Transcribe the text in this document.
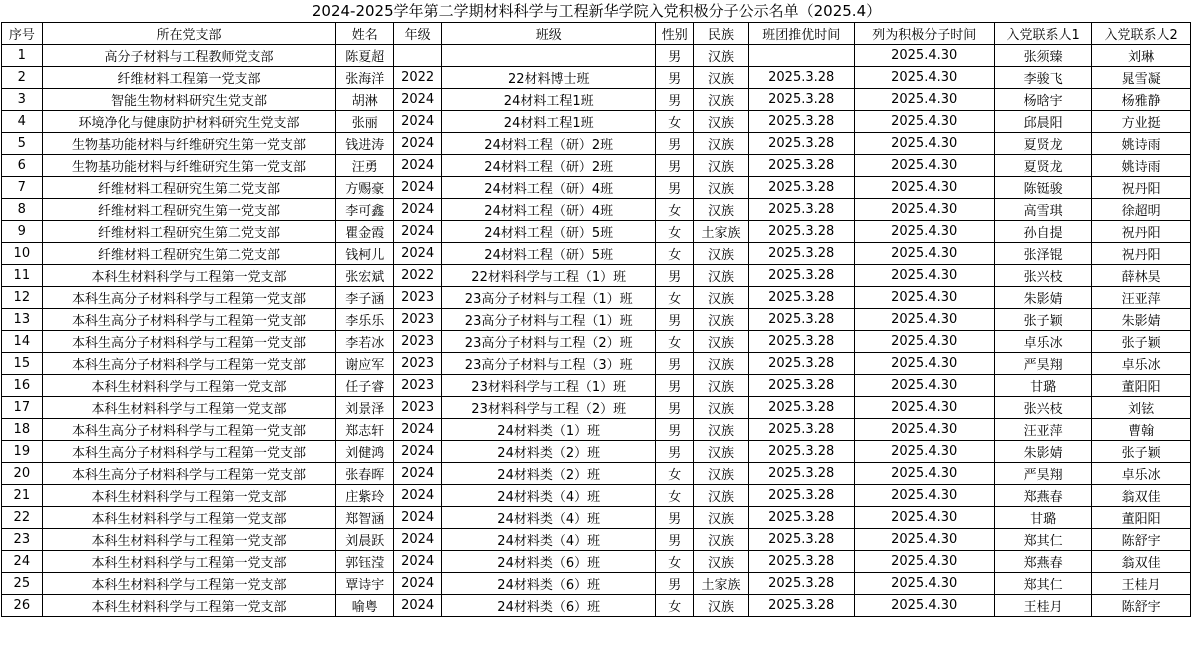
2024-2025学年第二学期材料科学与工程新华学院入党积极分子公示名单（2025.4）
序号	所在党支部	姓名	年级	班级	性别	民族	班团推优时间	列为积极分子时间	入党联系人1	入党联系人2
1	高分子材料与工程教师党支部	陈夏超			男	汉族		2025.4.30	张须臻	刘琳
2	纤维材料工程第一党支部	张海洋	2022	22材料博士班	男	汉族	2025.3.28	2025.4.30	李骏飞	晁雪凝
3	智能生物材料研究生党支部	胡淋	2024	24材料工程1班	男	汉族	2025.3.28	2025.4.30	杨晗宇	杨雅静
4	环境净化与健康防护材料研究生党支部	张丽	2024	24材料工程1班	女	汉族	2025.3.28	2025.4.30	邱晨阳	方业挺
5	生物基功能材料与纤维研究生第一党支部	钱进涛	2024	24材料工程（研）2班	男	汉族	2025.3.28	2025.4.30	夏贤龙	姚诗雨
6	生物基功能材料与纤维研究生第一党支部	汪勇	2024	24材料工程（研）2班	男	汉族	2025.3.28	2025.4.30	夏贤龙	姚诗雨
7	纤维材料工程研究生第二党支部	方赐豪	2024	24材料工程（研）4班	男	汉族	2025.3.28	2025.4.30	陈铤骏	祝丹阳
8	纤维材料工程研究生第一党支部	李可鑫	2024	24材料工程（研）4班	女	汉族	2025.3.28	2025.4.30	高雪琪	徐超明
9	纤维材料工程研究生第二党支部	瞿金霞	2024	24材料工程（研）5班	女	土家族	2025.3.28	2025.4.30	孙自提	祝丹阳
10	纤维材料工程研究生第二党支部	钱柯儿	2024	24材料工程（研）5班	女	汉族	2025.3.28	2025.4.30	张泽锟	祝丹阳
11	本科生材料科学与工程第一党支部	张宏斌	2022	22材料科学与工程（1）班	男	汉族	2025.3.28	2025.4.30	张兴枝	薛林昊
12	本科生高分子材料科学与工程第一党支部	李子涵	2023	23高分子材料与工程（1）班	女	汉族	2025.3.28	2025.4.30	朱影婧	汪亚萍
13	本科生高分子材料科学与工程第一党支部	李乐乐	2023	23高分子材料与工程（1）班	男	汉族	2025.3.28	2025.4.30	张子颖	朱影婧
14	本科生高分子材料科学与工程第一党支部	李若冰	2023	23高分子材料与工程（2）班	女	汉族	2025.3.28	2025.4.30	卓乐冰	张子颖
15	本科生高分子材料科学与工程第一党支部	谢应军	2023	23高分子材料与工程（3）班	男	汉族	2025.3.28	2025.4.30	严昊翔	卓乐冰
16	本科生材料科学与工程第一党支部	任子睿	2023	23材料科学与工程（1）班	男	汉族	2025.3.28	2025.4.30	甘璐	董阳阳
17	本科生材料科学与工程第一党支部	刘景泽	2023	23材料科学与工程（2）班	男	汉族	2025.3.28	2025.4.30	张兴枝	刘铉
18	本科生高分子材料科学与工程第一党支部	郑志轩	2024	24材料类（1）班	男	汉族	2025.3.28	2025.4.30	汪亚萍	曹翰
19	本科生高分子材料科学与工程第一党支部	刘健鸿	2024	24材料类（2）班	男	汉族	2025.3.28	2025.4.30	朱影婧	张子颖
20	本科生高分子材料科学与工程第一党支部	张春晖	2024	24材料类（2）班	女	汉族	2025.3.28	2025.4.30	严昊翔	卓乐冰
21	本科生材料科学与工程第一党支部	庄紫玲	2024	24材料类（4）班	女	汉族	2025.3.28	2025.4.30	郑燕春	翁双佳
22	本科生材料科学与工程第一党支部	郑智涵	2024	24材料类（4）班	男	汉族	2025.3.28	2025.4.30	甘璐	董阳阳
23	本科生材料科学与工程第一党支部	刘晨跃	2024	24材料类（4）班	男	汉族	2025.3.28	2025.4.30	郑其仁	陈舒宇
24	本科生材料科学与工程第一党支部	郭钰滢	2024	24材料类（6）班	女	汉族	2025.3.28	2025.4.30	郑燕春	翁双佳
25	本科生材料科学与工程第一党支部	覃诗宇	2024	24材料类（6）班	男	土家族	2025.3.28	2025.4.30	郑其仁	王桂月
26	本科生材料科学与工程第一党支部	喻粤	2024	24材料类（6）班	女	汉族	2025.3.28	2025.4.30	王桂月	陈舒宇
